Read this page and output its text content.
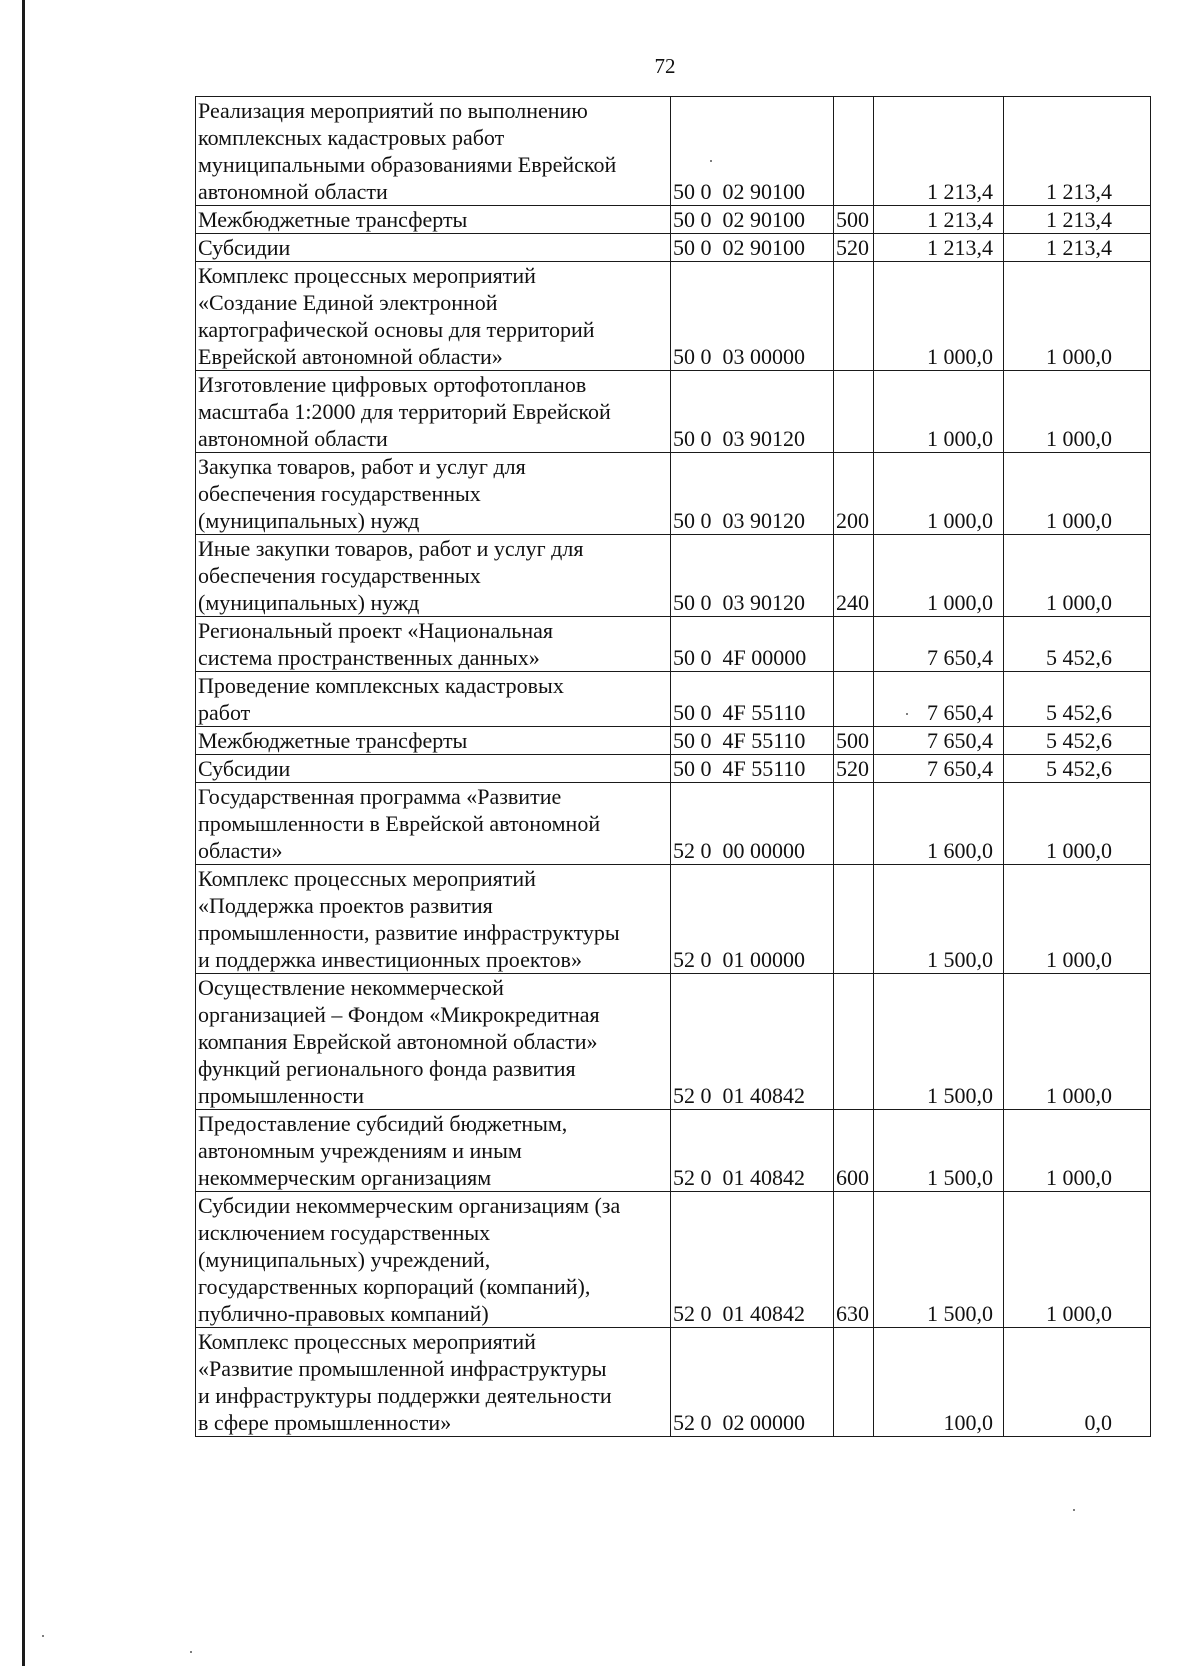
72
Реализация мероприятий по выполнению
комплексных кадастровых работ
муниципальными образованиями Еврейской
автономной области	50 0  02 90100		1 213,4	1 213,4
Межбюджетные трансферты	50 0  02 90100	500	1 213,4	1 213,4
Субсидии	50 0  02 90100	520	1 213,4	1 213,4
Комплекс процессных мероприятий
«Создание Единой электронной
картографической основы для территорий
Еврейской автономной области»	50 0  03 00000		1 000,0	1 000,0
Изготовление цифровых ортофотопланов
масштаба 1:2000 для территорий Еврейской
автономной области	50 0  03 90120		1 000,0	1 000,0
Закупка товаров, работ и услуг для
обеспечения государственных
(муниципальных) нужд	50 0  03 90120	200	1 000,0	1 000,0
Иные закупки товаров, работ и услуг для
обеспечения государственных
(муниципальных) нужд	50 0  03 90120	240	1 000,0	1 000,0
Региональный проект «Национальная
система пространственных данных»	50 0  4F 00000		7 650,4	5 452,6
Проведение комплексных кадастровых
работ	50 0  4F 55110		7 650,4	5 452,6
Межбюджетные трансферты	50 0  4F 55110	500	7 650,4	5 452,6
Субсидии	50 0  4F 55110	520	7 650,4	5 452,6
Государственная программа «Развитие
промышленности в Еврейской автономной
области»	52 0  00 00000		1 600,0	1 000,0
Комплекс процессных мероприятий
«Поддержка проектов развития
промышленности, развитие инфраструктуры
и поддержка инвестиционных проектов»	52 0  01 00000		1 500,0	1 000,0
Осуществление некоммерческой
организацией – Фондом «Микрокредитная
компания Еврейской автономной области»
функций регионального фонда развития
промышленности	52 0  01 40842		1 500,0	1 000,0
Предоставление субсидий бюджетным,
автономным учреждениям и иным
некоммерческим организациям	52 0  01 40842	600	1 500,0	1 000,0
Субсидии некоммерческим организациям (за
исключением государственных
(муниципальных) учреждений,
государственных корпораций (компаний),
публично-правовых компаний)	52 0  01 40842	630	1 500,0	1 000,0
Комплекс процессных мероприятий
«Развитие промышленной инфраструктуры
и инфраструктуры поддержки деятельности
в сфере промышленности»	52 0  02 00000		100,0	0,0
